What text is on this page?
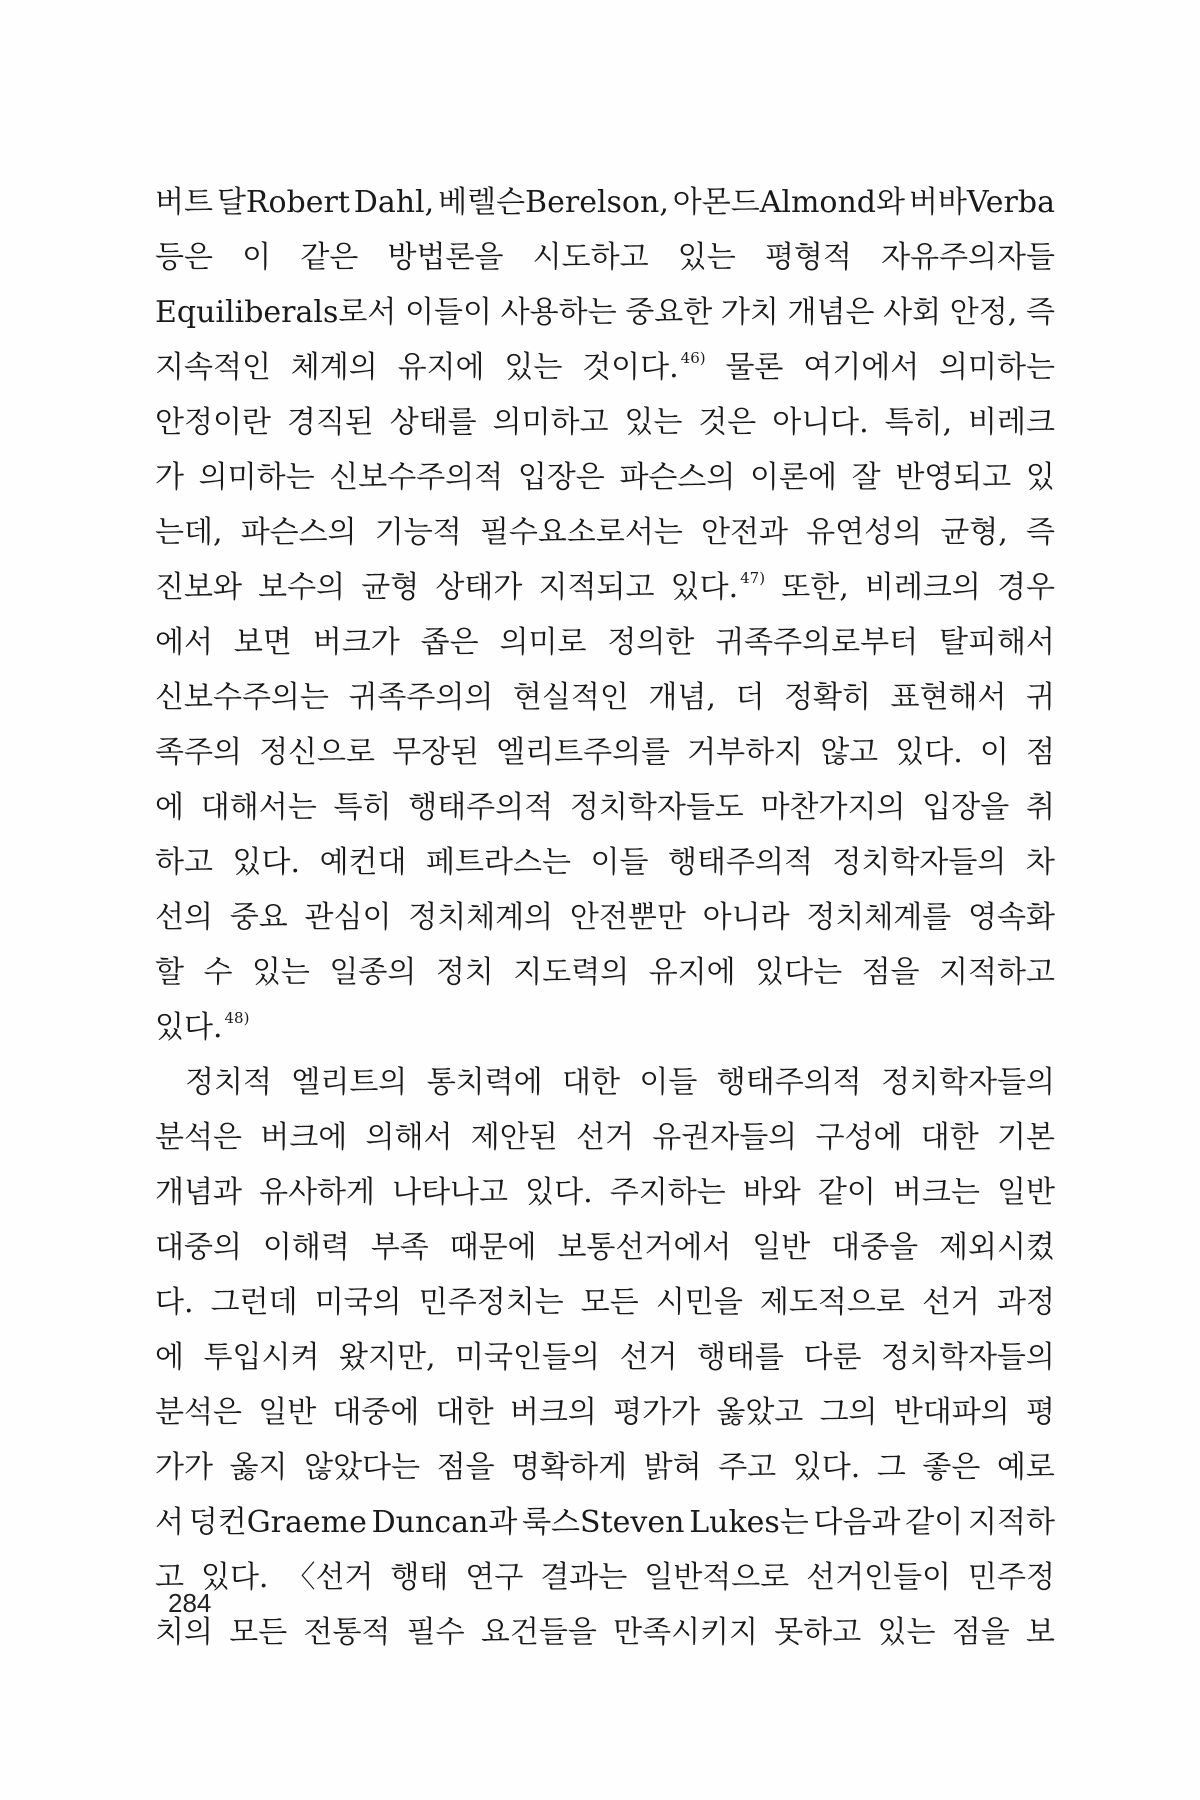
버트 달Robert Dahl, 베렐슨Berelson, 아몬드Almond와 버바Verba
등은 이 같은 방법론을 시도하고 있는 평형적 자유주의자들
Equiliberals로서 이들이 사용하는 중요한 가치 개념은 사회 안정, 즉
지속적인 체계의 유지에 있는 것이다. $^{46)}$ 물론 여기에서 의미하는
안정이란 경직된 상태를 의미하고 있는 것은 아니다. 특히, 비레크
가 의미하는 신보수주의적 입장은 파슨스의 이론에 잘 반영되고 있
는데, 파슨스의 기능적 필수요소로서는 안전과 유연성의 균형, 즉
진보와 보수의 균형 상태가 지적되고 있다. $^{47)}$ 또한, 비레크의 경우
에서 보면 버크가 좁은 의미로 정의한 귀족주의로부터 탈피해서
신보수주의는 귀족주의의 현실적인 개념, 더 정확히 표현해서 귀
족주의 정신으로 무장된 엘리트주의를 거부하지 않고 있다. 이 점
에 대해서는 특히 행태주의적 정치학자들도 마찬가지의 입장을 취
하고 있다. 예컨대 페트라스는 이들 행태주의적 정치학자들의 차
선의 중요 관심이 정치체계의 안전뿐만 아니라 정치체계를 영속화
할 수 있는 일종의 정치 지도력의 유지에 있다는 점을 지적하고
있다. $^{48)}$
정치적 엘리트의 통치력에 대한 이들 행태주의적 정치학자들의
분석은 버크에 의해서 제안된 선거 유권자들의 구성에 대한 기본
개념과 유사하게 나타나고 있다. 주지하는 바와 같이 버크는 일반
대중의 이해력 부족 때문에 보통선거에서 일반 대중을 제외시켰
다. 그런데 미국의 민주정치는 모든 시민을 제도적으로 선거 과정
에 투입시켜 왔지만, 미국인들의 선거 행태를 다룬 정치학자들의
분석은 일반 대중에 대한 버크의 평가가 옳았고 그의 반대파의 평
가가 옳지 않았다는 점을 명확하게 밝혀 주고 있다. 그 좋은 예로
서 덩컨Graeme Duncan과 룩스Steven Lukes는 다음과 같이 지적하
고 있다. 〈선거 행태 연구 결과는 일반적으로 선거인들이 민주정
치의 모든 전통적 필수 요건들을 만족시키지 못하고 있는 점을 보
284
